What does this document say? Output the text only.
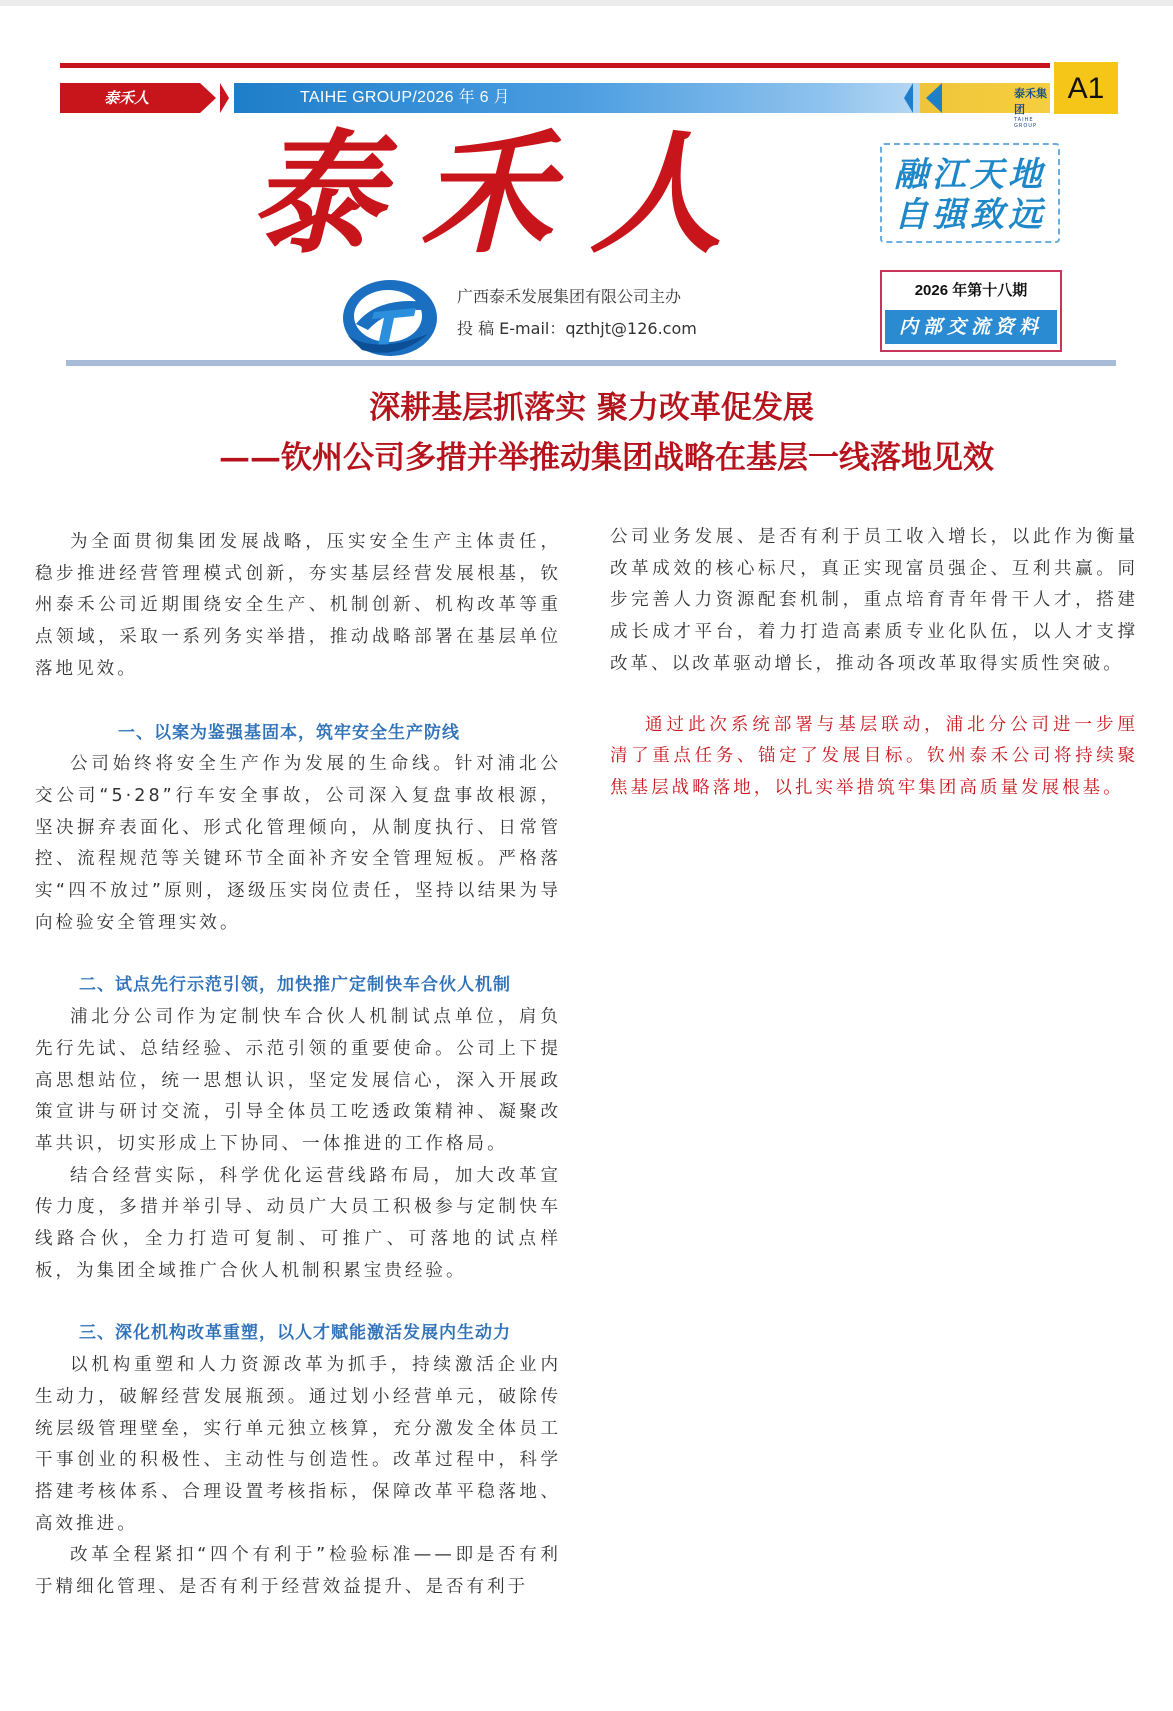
泰禾人	TAIHE GROUP/2026 年 6 月	泰禾集团
TAIHE GROUP
A1
泰禾人	融江天地
自强致远
广西泰禾发展集团有限公司主办
投 稿 E-mail：qzthjt@126.com
2026 年第十八期
内部交流资料
深耕基层抓落实 聚力改革促发展
——钦州公司多措并举推动集团战略在基层一线落地见效

为全面贯彻集团发展战略，压实安全生产主体责任，稳步推进经营管理模式创新，夯实基层经营发展根基，钦州泰禾公司近期围绕安全生产、机制创新、机构改革等重点领域，采取一系列务实举措，推动战略部署在基层单位落地见效。

一、以案为鉴强基固本，筑牢安全生产防线

公司始终将安全生产作为发展的生命线。针对浦北公交公司“5·28”行车安全事故，公司深入复盘事故根源，坚决摒弃表面化、形式化管理倾向，从制度执行、日常管控、流程规范等关键环节全面补齐安全管理短板。严格落实“四不放过”原则，逐级压实岗位责任，坚持以结果为导向检验安全管理实效。

二、试点先行示范引领，加快推广定制快车合伙人机制

浦北分公司作为定制快车合伙人机制试点单位，肩负先行先试、总结经验、示范引领的重要使命。公司上下提高思想站位，统一思想认识，坚定发展信心，深入开展政策宣讲与研讨交流，引导全体员工吃透政策精神、凝聚改革共识，切实形成上下协同、一体推进的工作格局。

结合经营实际，科学优化运营线路布局，加大改革宣传力度，多措并举引导、动员广大员工积极参与定制快车线路合伙，全力打造可复制、可推广、可落地的试点样板，为集团全域推广合伙人机制积累宝贵经验。

三、深化机构改革重塑，以人才赋能激活发展内生动力

以机构重塑和人力资源改革为抓手，持续激活企业内生动力，破解经营发展瓶颈。通过划小经营单元，破除传统层级管理壁垒，实行单元独立核算，充分激发全体员工干事创业的积极性、主动性与创造性。改革过程中，科学搭建考核体系、合理设置考核指标，保障改革平稳落地、高效推进。

改革全程紧扣“四个有利于”检验标准——即是否有利于精细化管理、是否有利于经营效益提升、是否有利于

公司业务发展、是否有利于员工收入增长，以此作为衡量改革成效的核心标尺，真正实现富员强企、互利共赢。同步完善人力资源配套机制，重点培育青年骨干人才，搭建成长成才平台，着力打造高素质专业化队伍，以人才支撑改革、以改革驱动增长，推动各项改革取得实质性突破。

通过此次系统部署与基层联动，浦北分公司进一步厘清了重点任务、锚定了发展目标。钦州泰禾公司将持续聚焦基层战略落地，以扎实举措筑牢集团高质量发展根基。
